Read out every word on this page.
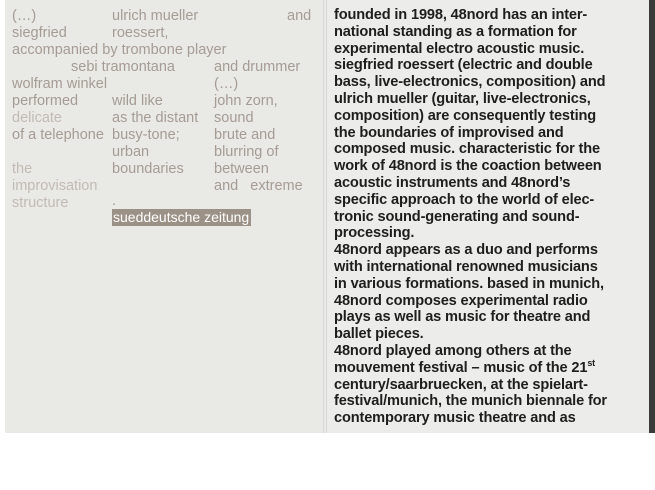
(…)	ulrich mueller	and

siegfried	roessert,

accompanied by trombone player

sebi tramontana	and drummer

wolfram winkel	(…)

performed wild like	john zorn,

delicate	as the distant sound

of a telephone busy-tone; brute and

urban	blurring of

the	boundaries between

improvisation	and   extreme

structure	.

sueddeutsche zeitung

founded in 1998, 48nord has an inter-
national standing as a formation for
experimental electro acoustic music.
siegfried roessert (electric and double
bass, live-electronics, composition) and
ulrich mueller (guitar, live-electronics,
composition) are consequently testing
the boundaries of improvised and
composed music. characteristic for the
work of 48nord is the coaction between
acoustic instruments and 48nord’s
specific approach to the world of elec-
tronic sound-generating and sound-
processing.

48nord appears as a duo and performs
with international renowned musicians
in various formations. based in munich,
48nord composes experimental radio
plays as well as music for theatre and
ballet pieces.

48nord played among others at the
mouvement festival – music of the 21st
century/saarbruecken, at the spielart-
festival/munich, the munich biennale for
contemporary music theatre and as
